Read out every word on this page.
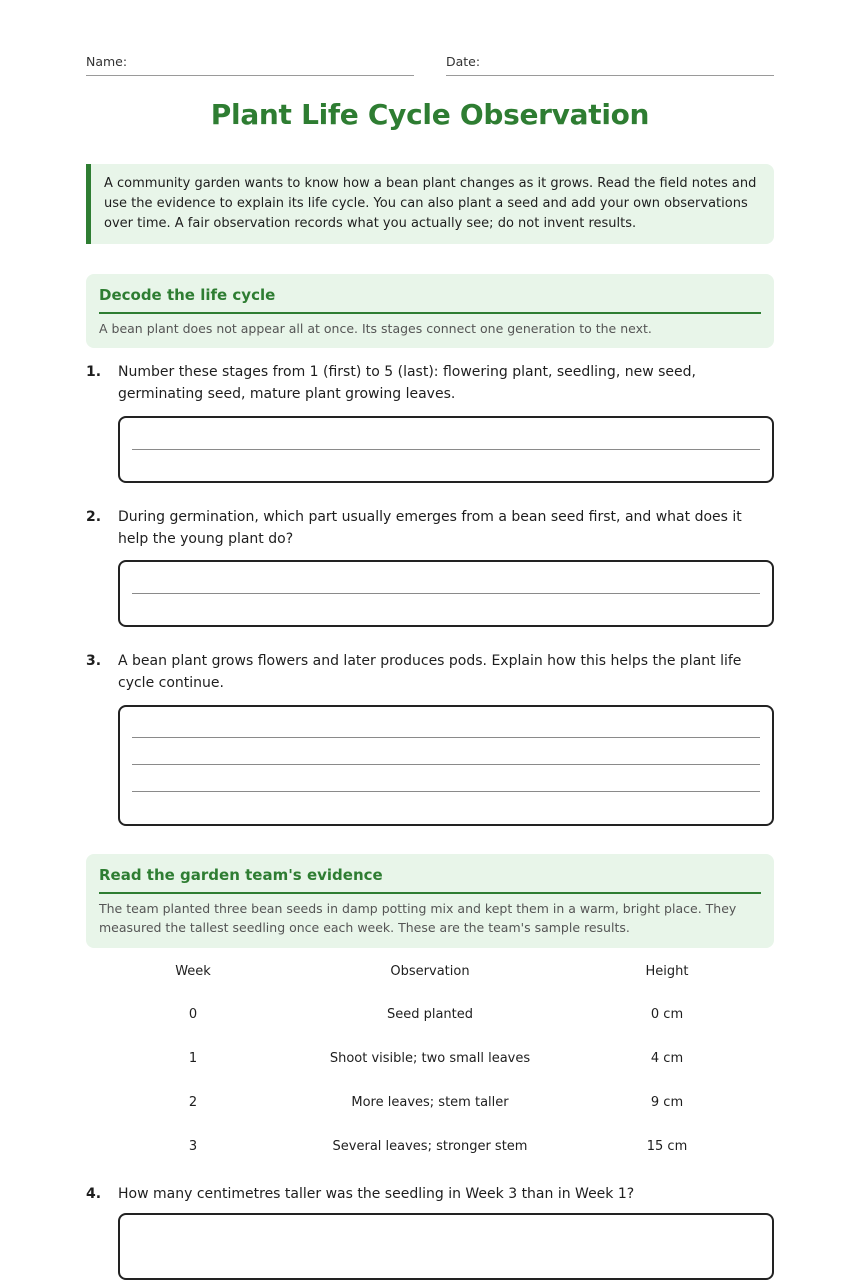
Name:	Date:
Plant Life Cycle Observation
A community garden wants to know how a bean plant changes as it grows. Read the field notes and use the evidence to explain its life cycle. You can also plant a seed and add your own observations over time. A fair observation records what you actually see; do not invent results.
Decode the life cycle
A bean plant does not appear all at once. Its stages connect one generation to the next.
1. Number these stages from 1 (first) to 5 (last): flowering plant, seedling, new seed, germinating seed, mature plant growing leaves.
2. During germination, which part usually emerges from a bean seed first, and what does it help the young plant do?
3. A bean plant grows flowers and later produces pods. Explain how this helps the plant life cycle continue.
Read the garden team's evidence
The team planted three bean seeds in damp potting mix and kept them in a warm, bright place. They measured the tallest seedling once each week. These are the team's sample results.
Week	Observation	Height
0	Seed planted	0 cm
1	Shoot visible; two small leaves	4 cm
2	More leaves; stem taller	9 cm
3	Several leaves; stronger stem	15 cm
4. How many centimetres taller was the seedling in Week 3 than in Week 1?
